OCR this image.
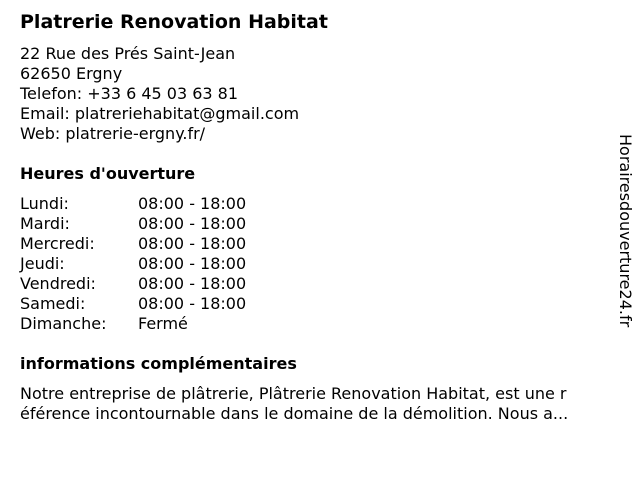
Platrerie Renovation Habitat
22 Rue des Prés Saint-Jean
62650 Ergny
Telefon: +33 6 45 03 63 81
Email: platreriehabitat@gmail.com
Web: platrerie-ergny.fr/
Heures d'ouverture
Lundi:	08:00 - 18:00
Mardi:	08:00 - 18:00
Mercredi:	08:00 - 18:00
Jeudi:	08:00 - 18:00
Vendredi:	08:00 - 18:00
Samedi:	08:00 - 18:00
Dimanche: Fermé
informations complémentaires
Notre entreprise de plâtrerie, Plâtrerie Renovation Habitat, est une r
éférence incontournable dans le domaine de la démolition. Nous a...
Horairesdouverture24.fr
